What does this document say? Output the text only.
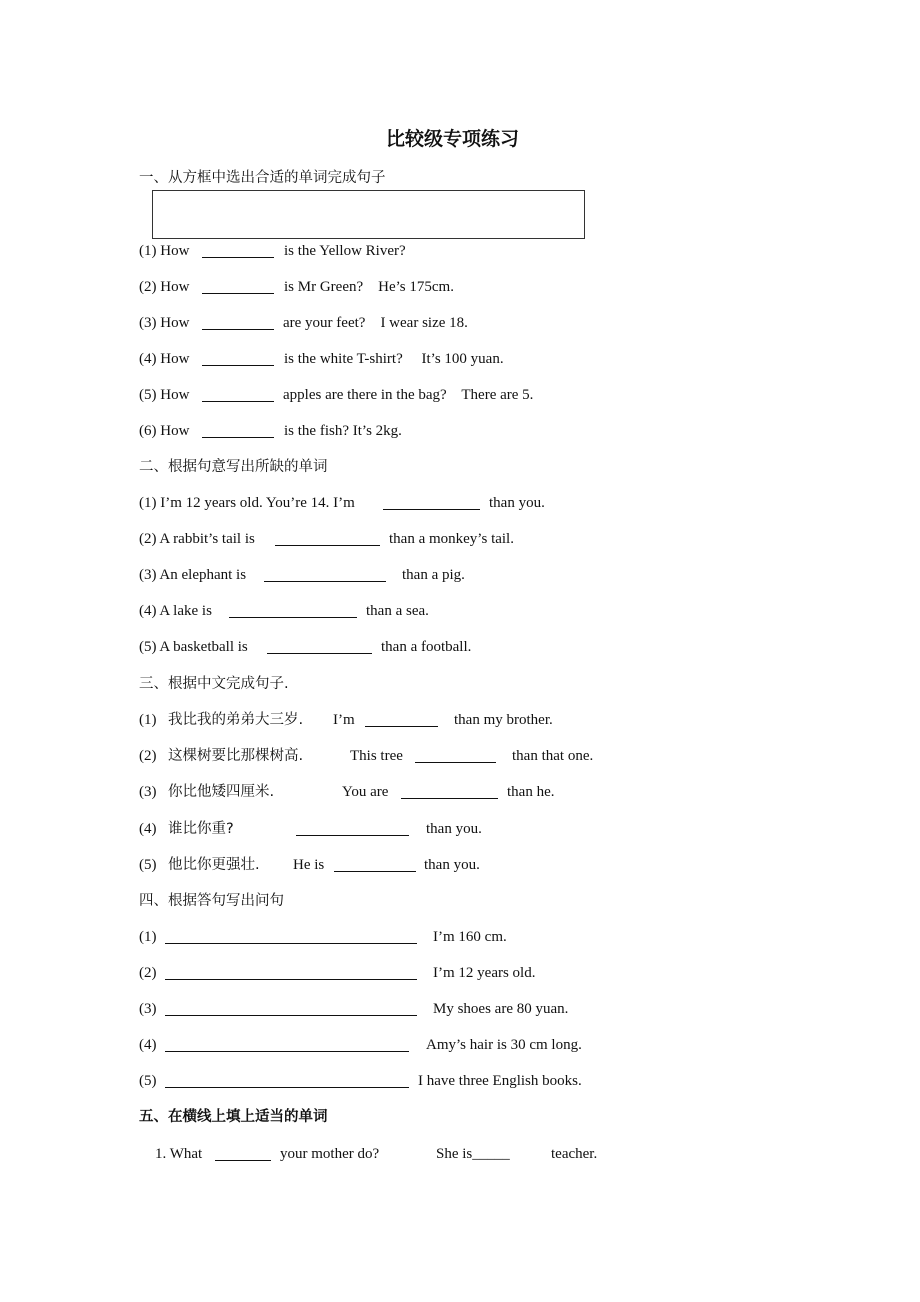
比较级专项练习
一、从方框中选出合适的单词完成句子
(1) How	is the Yellow River?
(2) How	is Mr Green?    He’s 175cm.
(3) How	are your feet?    I wear size 18.
(4) How	is the white T-shirt?     It’s 100 yuan.
(5) How	apples are there in the bag?    There are 5.
(6) How	is the fish? It’s 2kg.
二、根据句意写出所缺的单词
(1) I’m 12 years old. You’re 14. I’m	than you.
(2) A rabbit’s tail is	than a monkey’s tail.
(3) An elephant is	than a pig.
(4) A lake is	than a sea.
(5) A basketball is	than a football.
三、根据中文完成句子.
(1) 我比我的弟弟大三岁. I’m	than my brother.
(2) 这棵树要比那棵树高.	This tree	than that one.
(3) 你比他矮四厘米.	You are	than he.
(4) 谁比你重?	than you.
(5) 他比你更强壮. He is	than you.
四、根据答句写出问句
(1)	I’m 160 cm.
(2)	I’m 12 years old.
(3)	My shoes are 80 yuan.
(4)	Amy’s hair is 30 cm long.
(5)	I have three English books.
五、在横线上填上适当的单词
1. What	your mother do?	She is_____	teacher.
